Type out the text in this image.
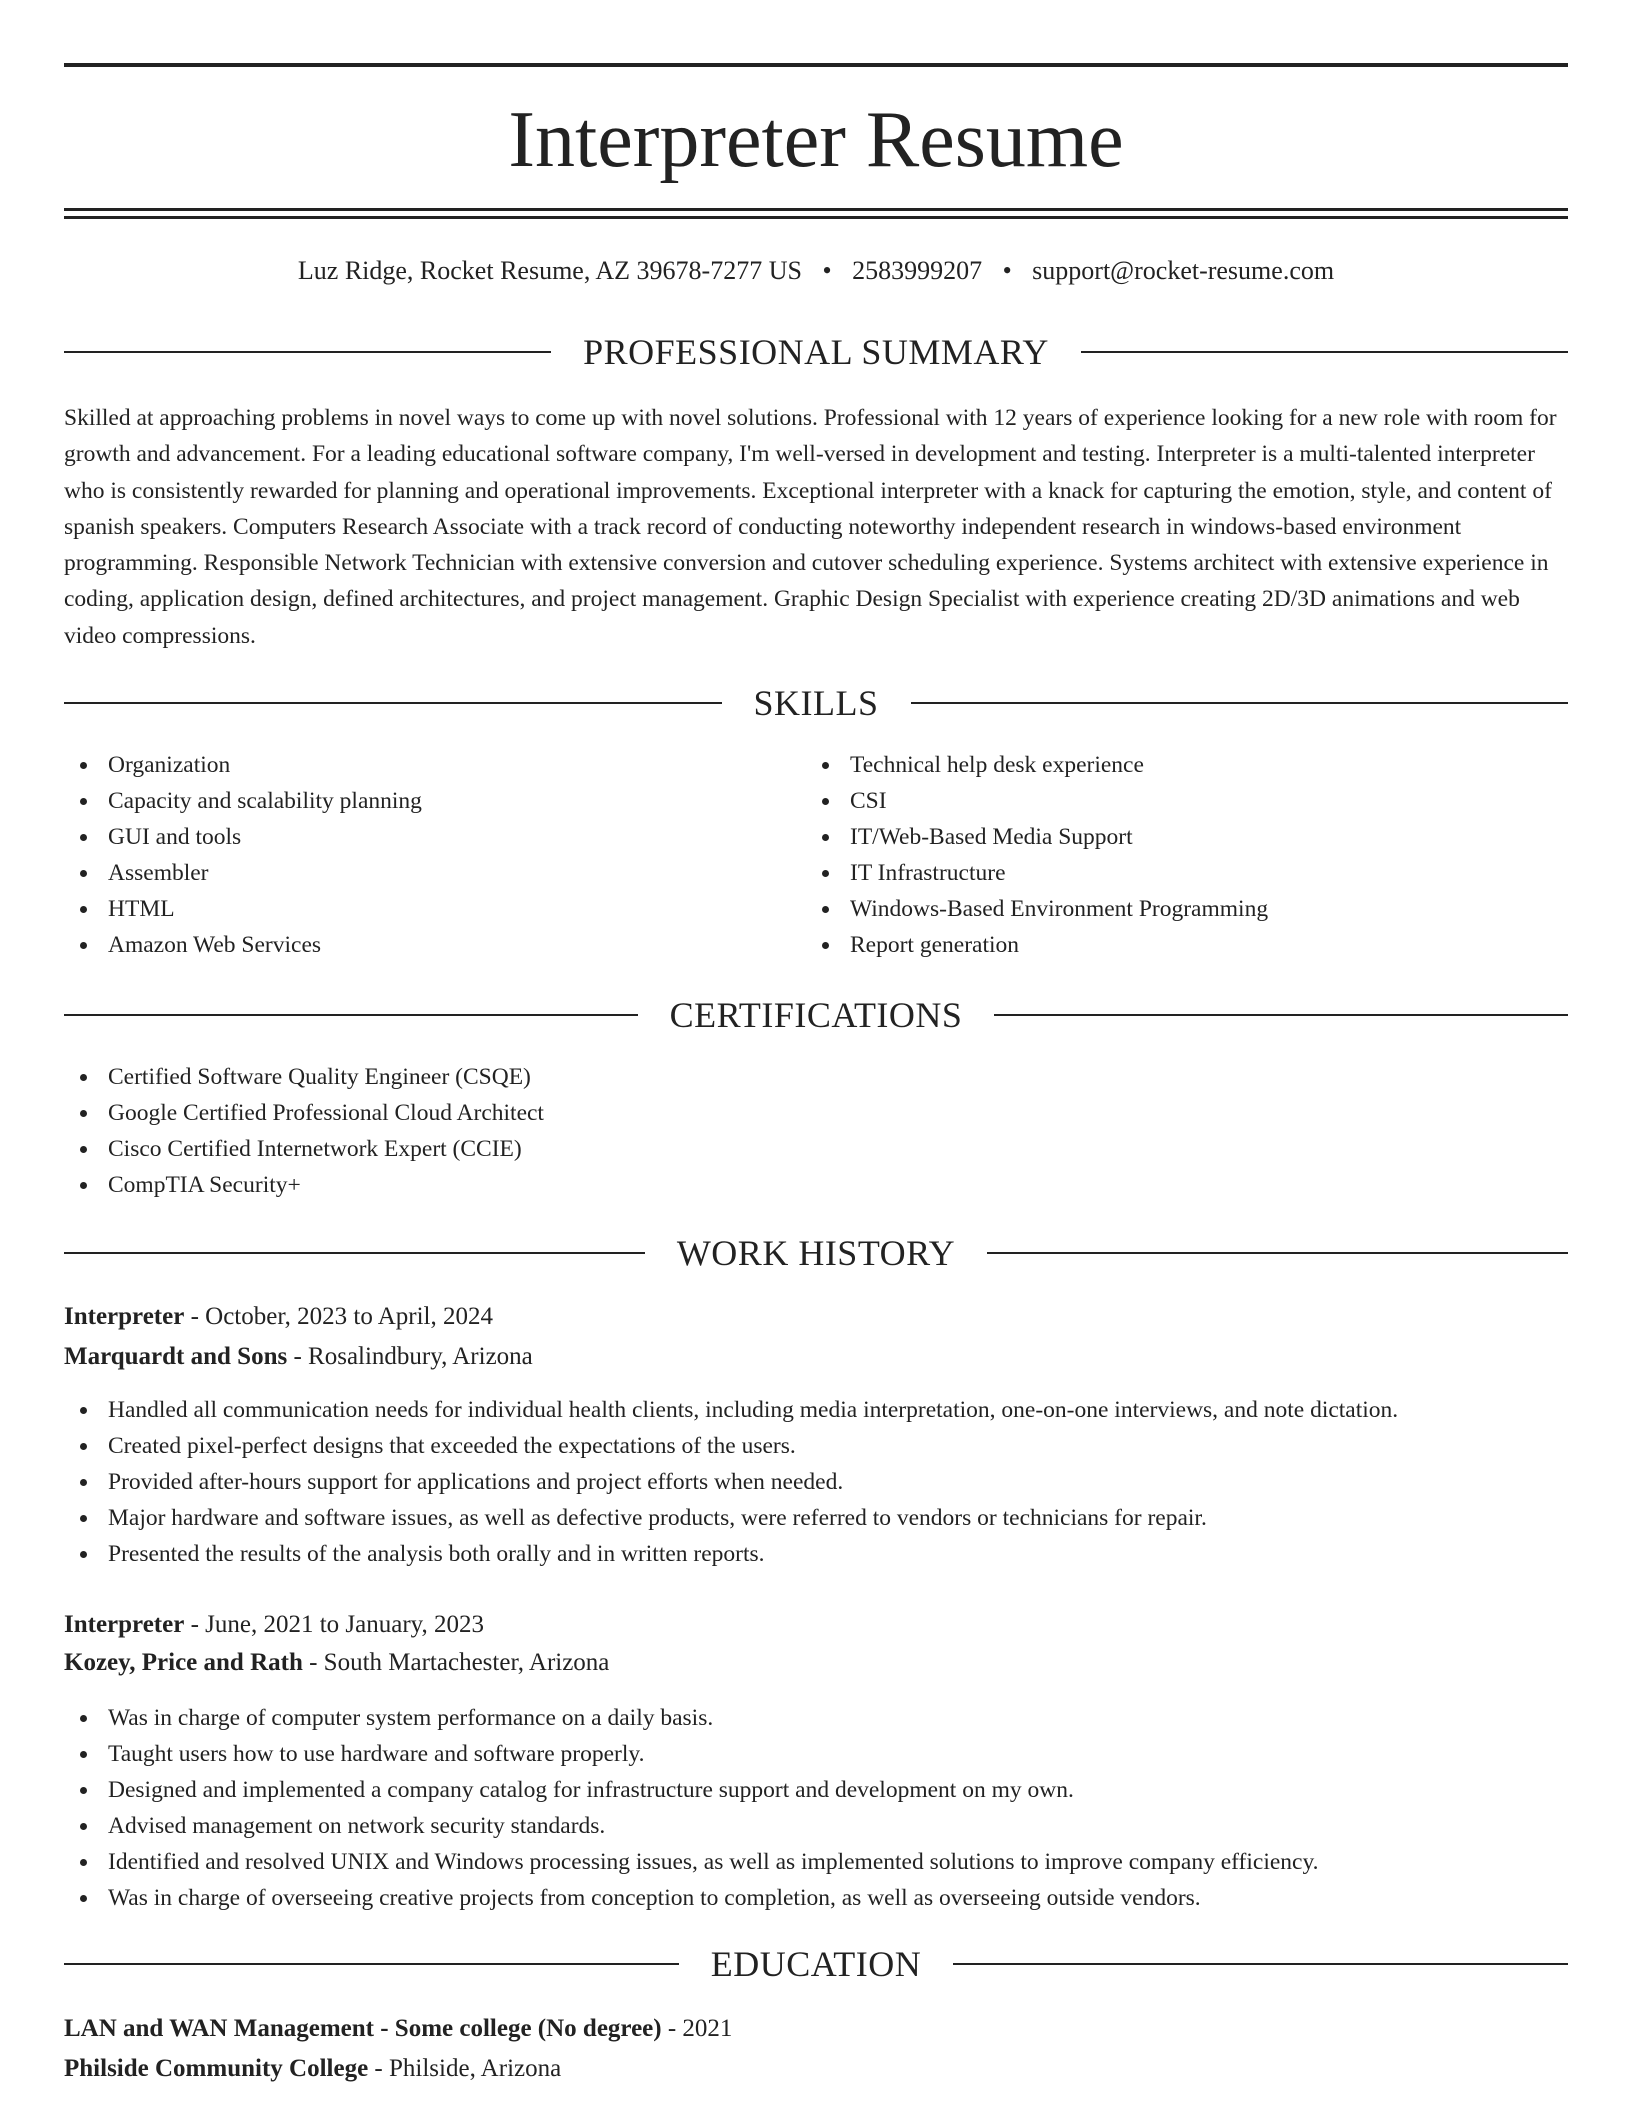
Interpreter Resume
Luz Ridge, Rocket Resume, AZ 39678-7277 US • 2583999207 • support@rocket-resume.com
PROFESSIONAL SUMMARY

Skilled at approaching problems in novel ways to come up with novel solutions. Professional with 12 years of experience looking for a new role with room for growth and advancement. For a leading educational software company, I'm well-versed in development and testing. Interpreter is a multi-talented interpreter who is consistently rewarded for planning and operational improvements. Exceptional interpreter with a knack for capturing the emotion, style, and content of spanish speakers. Computers Research Associate with a track record of conducting noteworthy independent research in windows-based environment programming. Responsible Network Technician with extensive conversion and cutover scheduling experience. Systems architect with extensive experience in coding, application design, defined architectures, and project management. Graphic Design Specialist with experience creating 2D/3D animations and web video compressions.

SKILLS
Organization
Capacity and scalability planning
GUI and tools
Assembler
HTML
Amazon Web Services
Technical help desk experience
CSI
IT/Web-Based Media Support
IT Infrastructure
Windows-Based Environment Programming
Report generation
CERTIFICATIONS
Certified Software Quality Engineer (CSQE)
Google Certified Professional Cloud Architect
Cisco Certified Internetwork Expert (CCIE)
CompTIA Security+
WORK HISTORY
Interpreter - October, 2023 to April, 2024
Marquardt and Sons - Rosalindbury, Arizona
Handled all communication needs for individual health clients, including media interpretation, one-on-one interviews, and note dictation.
Created pixel-perfect designs that exceeded the expectations of the users.
Provided after-hours support for applications and project efforts when needed.
Major hardware and software issues, as well as defective products, were referred to vendors or technicians for repair.
Presented the results of the analysis both orally and in written reports.
Interpreter - June, 2021 to January, 2023
Kozey, Price and Rath - South Martachester, Arizona
Was in charge of computer system performance on a daily basis.
Taught users how to use hardware and software properly.
Designed and implemented a company catalog for infrastructure support and development on my own.
Advised management on network security standards.
Identified and resolved UNIX and Windows processing issues, as well as implemented solutions to improve company efficiency.
Was in charge of overseeing creative projects from conception to completion, as well as overseeing outside vendors.
EDUCATION
LAN and WAN Management - Some college (No degree) - 2021
Philside Community College - Philside, Arizona
